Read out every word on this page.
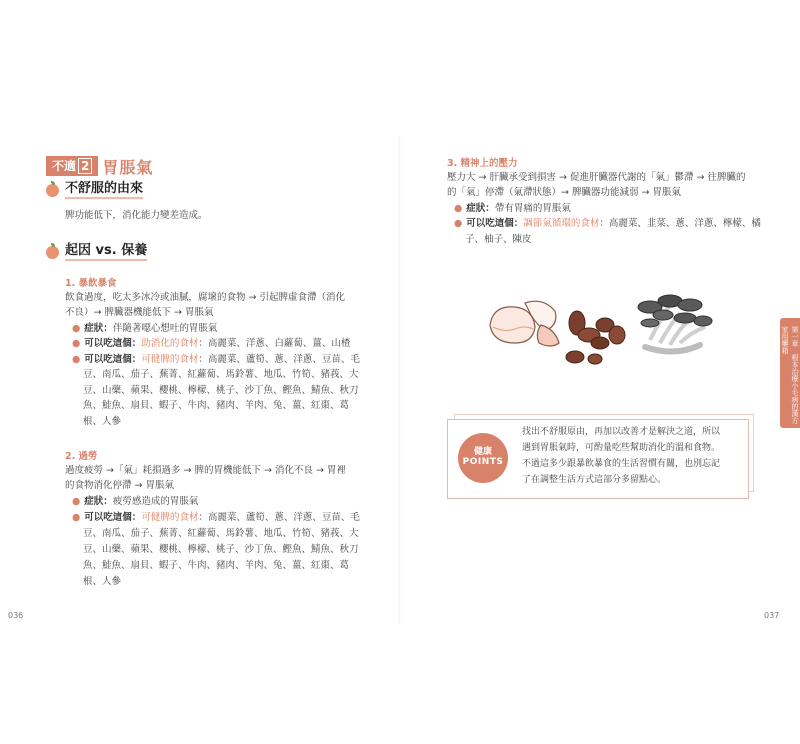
不適 2 胃脹氣
不舒服的由來
脾功能低下，消化能力變差造成。
起因 vs. 保養
1. 暴飲暴食
飲食過度，吃太多冰冷或油膩，腐壞的食物 → 引起脾虛食滯（消化
不良）→ 脾臟器機能低下 → 胃脹氣
● 症狀：伴隨著噁心想吐的胃脹氣
● 可以吃這個：助消化的食材：高麗菜、洋蔥、白蘿蔔、薑、山楂
● 可以吃這個：可健脾的食材：高麗菜、蘆筍、蔥、洋蔥、豆苗、毛
豆、南瓜、茄子、蕪菁、紅蘿蔔、馬鈴薯、地瓜、竹筍、豬莪、大
豆、山藥、蘋果、櫻桃、檸檬、桃子、沙丁魚、鰹魚、鯖魚、秋刀
魚、鮭魚、扇貝、蝦子、牛肉、豬肉、羊肉、兔、薑、紅棗、葛
根、人參
2. 過勞
過度疲勞 →「氣」耗損過多 → 脾的胃機能低下 → 消化不良 → 胃裡
的食物消化停滯 → 胃脹氣
● 症狀：疲勞感造成的胃脹氣
● 可以吃這個：可健脾的食材：高麗菜、蘆筍、蔥、洋蔥、豆苗、毛
豆、南瓜、茄子、蕪菁、紅蘿蔔、馬鈴薯、地瓜、竹筍、豬莪、大
豆、山藥、蘋果、櫻桃、檸檬、桃子、沙丁魚、鰹魚、鯖魚、秋刀
魚、鮭魚、扇貝、蝦子、牛肉、豬肉、羊肉、兔、薑、紅棗、葛
根、人參
036
3. 精神上的壓力
壓力大 → 肝臟承受到損害 → 促進肝臟器代謝的「氣」鬱滯 → 往脾臟的
的「氣」停滯（氣滯狀態）→ 脾臟器功能減弱 → 胃脹氣
● 症狀：帶有胃痛的胃脹氣
● 可以吃這個：調節氣循環的食材：高麗菜、韭菜、蔥、洋蔥、檸檬、橘
子、柚子、陳皮
健康
POINTS
找出不舒服原由，再加以改善才是解決之道，所以
遇到胃脹氣時，可酌量吃些幫助消化的溫和食物。
不過這多少跟暴飲暴食的生活習慣有關，也別忘記
了在調整生活方式這部分多留點心。
第一章　根本治療小毛病的漢方家用藥箱
037
